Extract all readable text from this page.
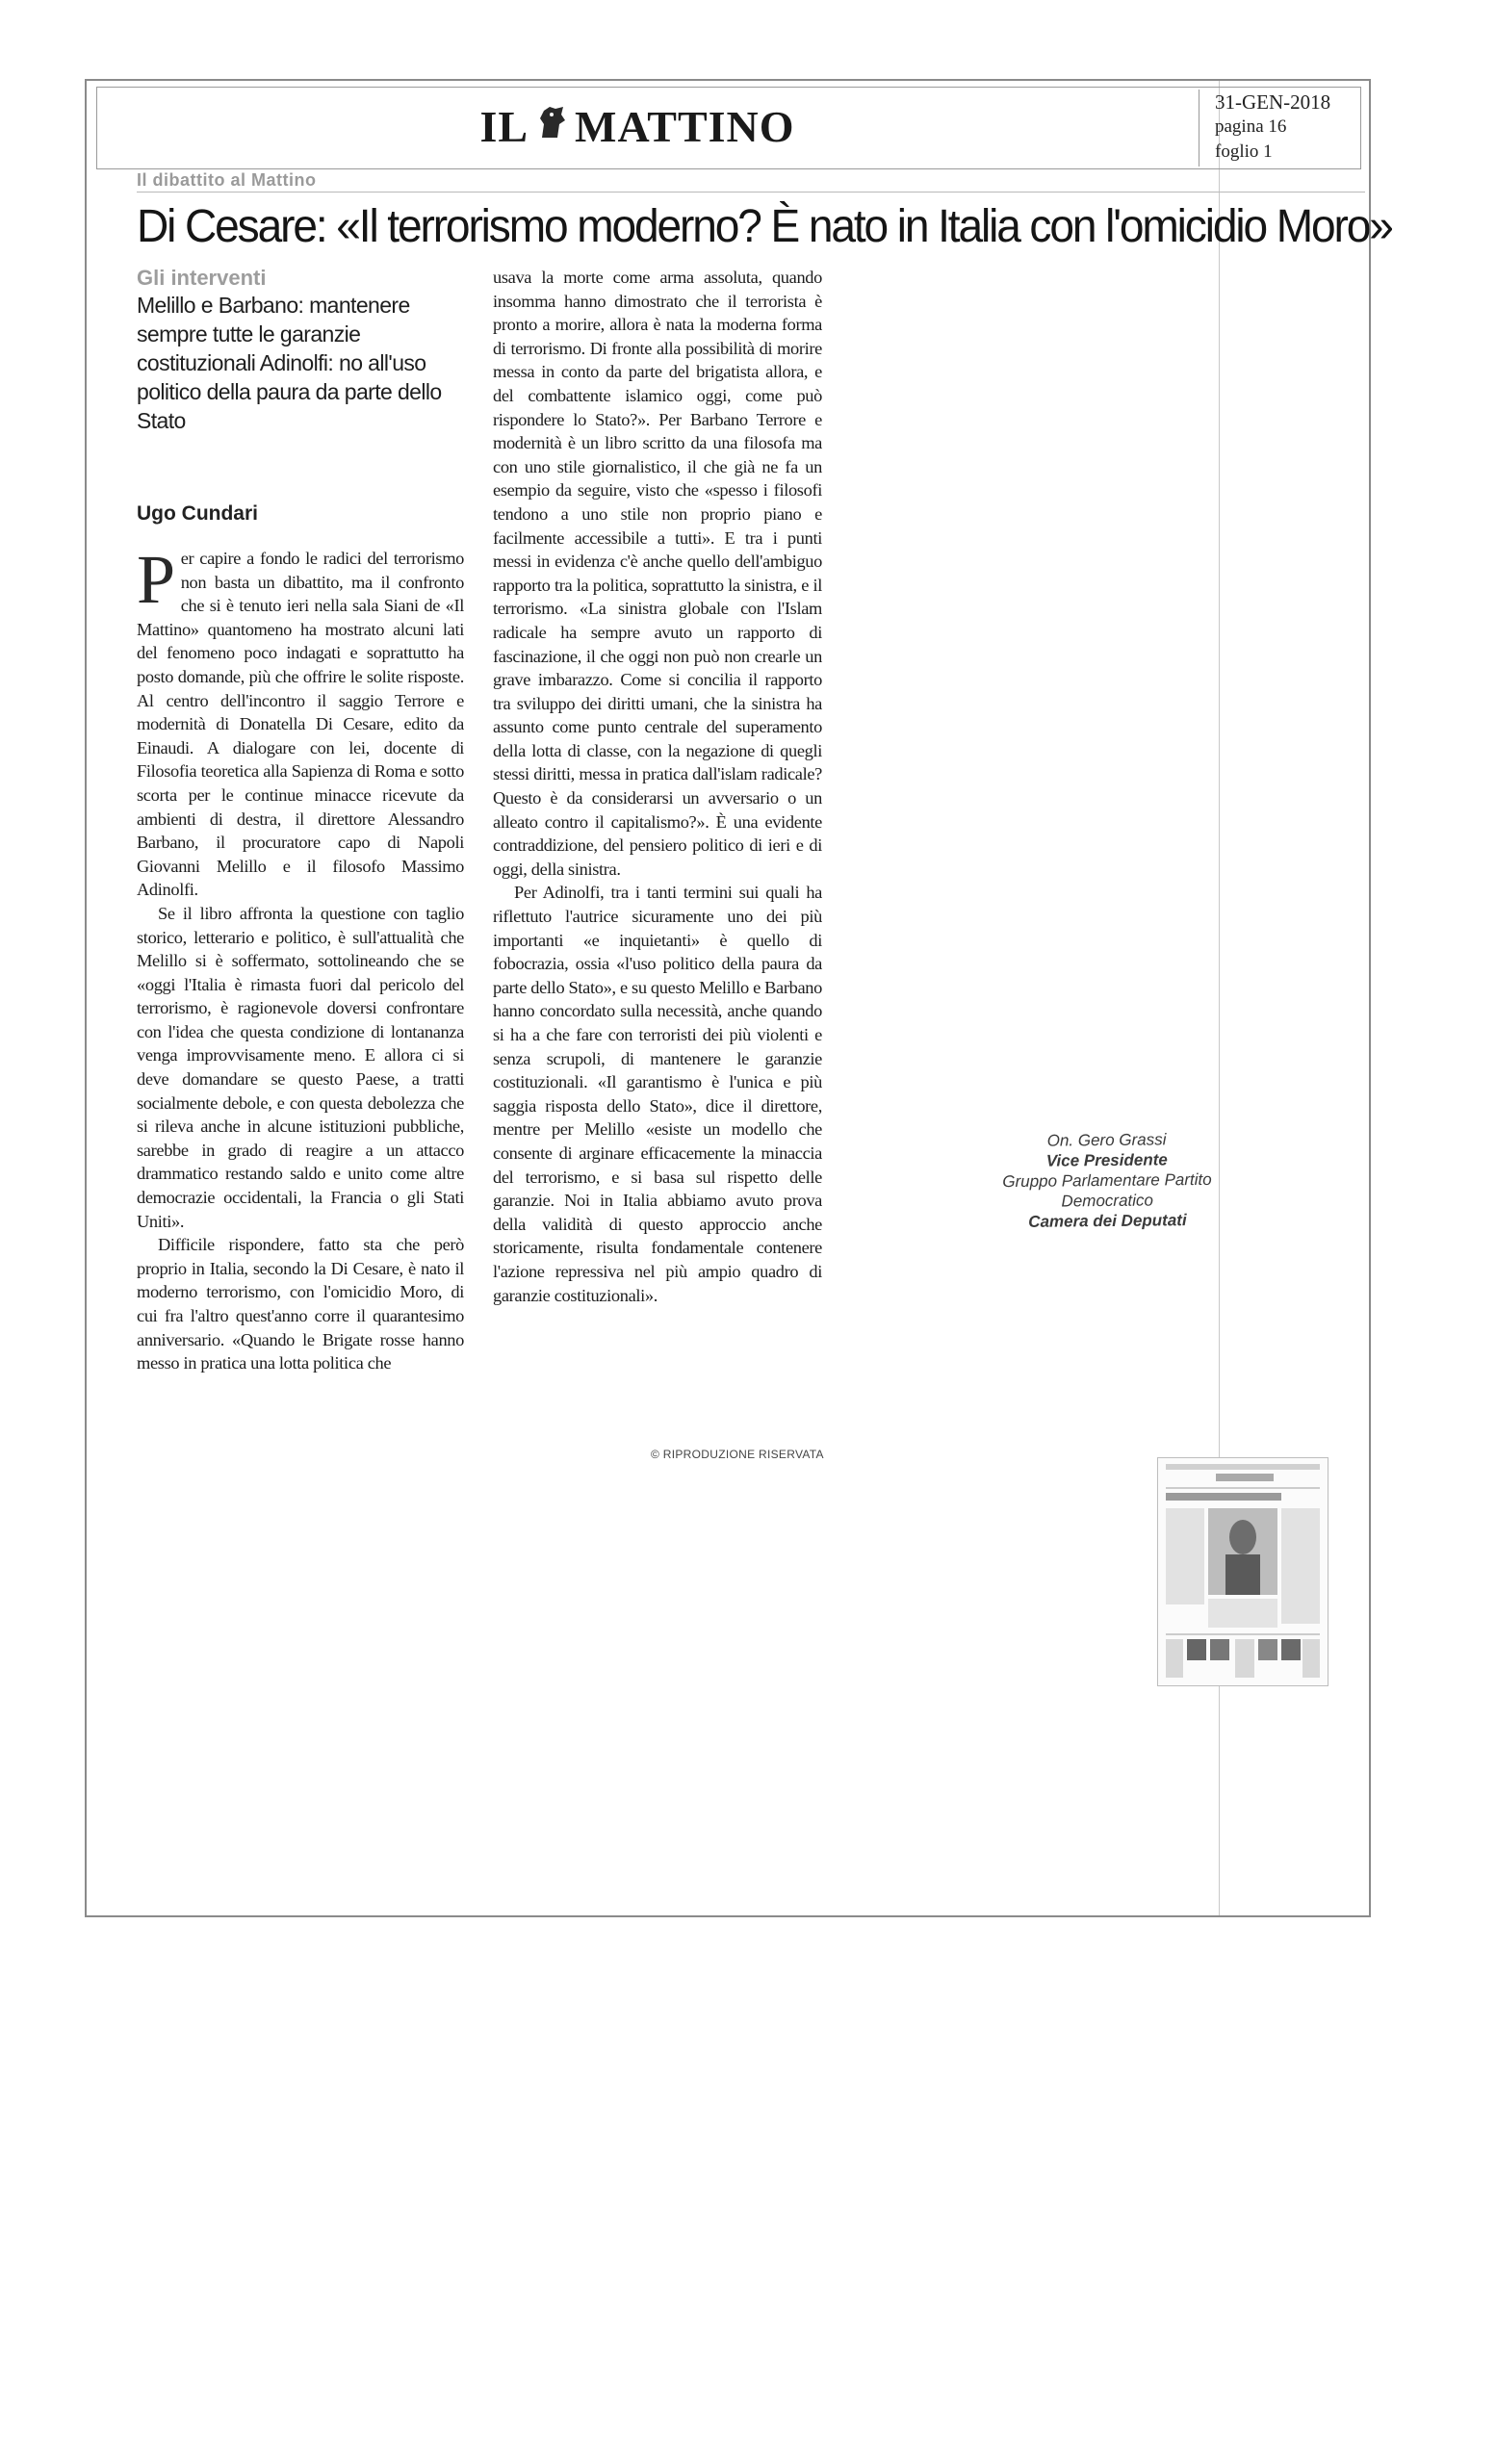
IL MATTINO	31-GEN-2018
pagina 16
foglio 1
Il dibattito al Mattino
Di Cesare: «Il terrorismo moderno? È nato in Italia con l'omicidio Moro»
Gli interventi
Melillo e Barbano: mantenere sempre tutte le garanzie costituzionali Adinolfi: no all'uso politico della paura da parte dello Stato
Ugo Cundari

Per capire a fondo le radici del terrorismo non basta un dibattito, ma il confronto che si è tenuto ieri nella sala Siani de «Il Mattino» quantomeno ha mostrato alcuni lati del fenomeno poco indagati e soprattutto ha posto domande, più che offrire le solite risposte. Al centro dell'incontro il saggio Terrore e modernità di Donatella Di Cesare, edito da Einaudi. A dialogare con lei, docente di Filosofia teoretica alla Sapienza di Roma e sotto scorta per le continue minacce ricevute da ambienti di destra, il direttore Alessandro Barbano, il procuratore capo di Napoli Giovanni Melillo e il filosofo Massimo Adinolfi.

Se il libro affronta la questione con taglio storico, letterario e politico, è sull'attualità che Melillo si è soffermato, sottolineando che se «oggi l'Italia è rimasta fuori dal pericolo del terrorismo, è ragionevole doversi confrontare con l'idea che questa condizione di lontananza venga improvvisamente meno. E allora ci si deve domandare se questo Paese, a tratti socialmente debole, e con questa debolezza che si rileva anche in alcune istituzioni pubbliche, sarebbe in grado di reagire a un attacco drammatico restando saldo e unito come altre democrazie occidentali, la Francia o gli Stati Uniti».

Difficile rispondere, fatto sta che però proprio in Italia, secondo la Di Cesare, è nato il moderno terrorismo, con l'omicidio Moro, di cui fra l'altro quest'anno corre il quarantesimo anniversario. «Quando le Brigate rosse hanno messo in pratica una lotta politica che

usava la morte come arma assoluta, quando insomma hanno dimostrato che il terrorista è pronto a morire, allora è nata la moderna forma di terrorismo. Di fronte alla possibilità di morire messa in conto da parte del brigatista allora, e del combattente islamico oggi, come può rispondere lo Stato?». Per Barbano Terrore e modernità è un libro scritto da una filosofa ma con uno stile giornalistico, il che già ne fa un esempio da seguire, visto che «spesso i filosofi tendono a uno stile non proprio piano e facilmente accessibile a tutti». E tra i punti messi in evidenza c'è anche quello dell'ambiguo rapporto tra la politica, soprattutto la sinistra, e il terrorismo. «La sinistra globale con l'Islam radicale ha sempre avuto un rapporto di fascinazione, il che oggi non può non crearle un grave imbarazzo. Come si concilia il rapporto tra sviluppo dei diritti umani, che la sinistra ha assunto come punto centrale del superamento della lotta di classe, con la negazione di quegli stessi diritti, messa in pratica dall'islam radicale? Questo è da considerarsi un avversario o un alleato contro il capitalismo?». È una evidente contraddizione, del pensiero politico di ieri e di oggi, della sinistra.

Per Adinolfi, tra i tanti termini sui quali ha riflettuto l'autrice sicuramente uno dei più importanti «e inquietanti» è quello di fobocrazia, ossia «l'uso politico della paura da parte dello Stato», e su questo Melillo e Barbano hanno concordato sulla necessità, anche quando si ha a che fare con terroristi dei più violenti e senza scrupoli, di mantenere le garanzie costituzionali. «Il garantismo è l'unica e più saggia risposta dello Stato», dice il direttore, mentre per Melillo «esiste un modello che consente di arginare efficacemente la minaccia del terrorismo, e si basa sul rispetto delle garanzie. Noi in Italia abbiamo avuto prova della validità di questo approccio anche storicamente, risulta fondamentale contenere l'azione repressiva nel più ampio quadro di garanzie costituzionali».

© RIPRODUZIONE RISERVATA
On. Gero Grassi
Vice Presidente
Gruppo Parlamentare Partito Democratico
Camera dei Deputati
